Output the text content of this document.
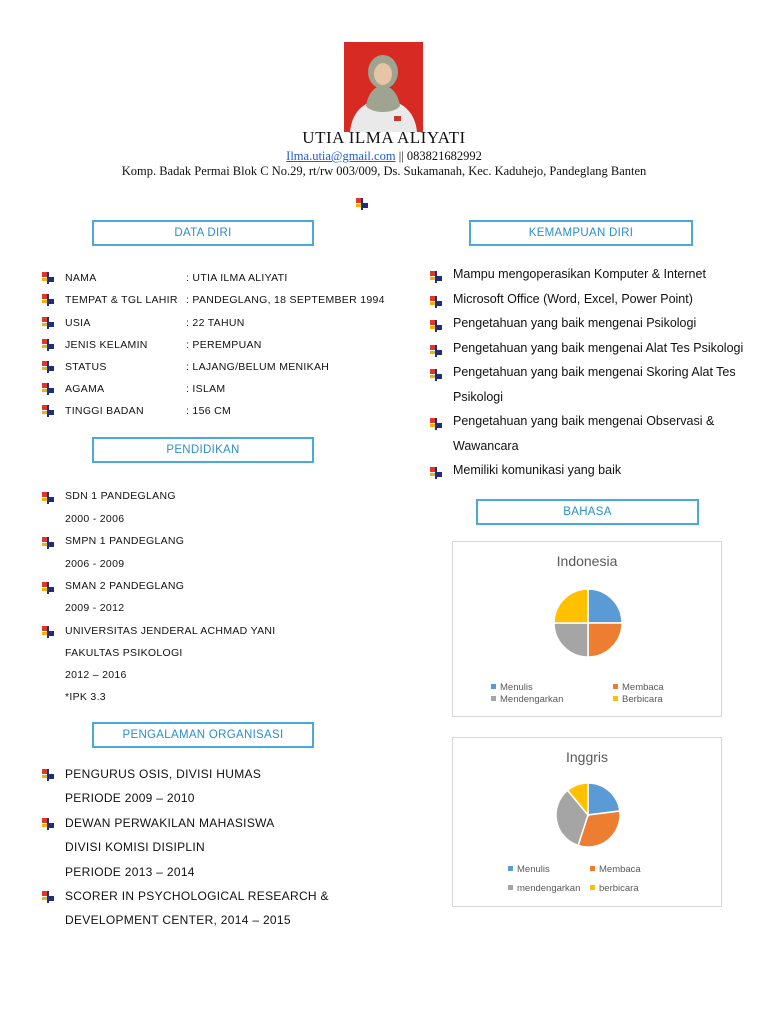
UTIA ILMA ALIYATI
Ilma.utia@gmail.com || 083821682992
Komp. Badak Permai Blok C No.29, rt/rw 003/009, Ds. Sukamanah, Kec. Kaduhejo, Pandeglang Banten
DATA DIRI	KEMAMPUAN DIRI
PENDIDIKAN
BAHASA
PENGALAMAN ORGANISASI
NAMA	: UTIA ILMA ALIYATI
TEMPAT & TGL LAHIR : PANDEGLANG, 18 SEPTEMBER 1994
USIA	: 22 TAHUN
JENIS KELAMIN	: PEREMPUAN
STATUS	: LAJANG/BELUM MENIKAH
AGAMA	: ISLAM
TINGGI BADAN	: 156 CM
SDN 1 PANDEGLANG
2000 - 2006
SMPN 1 PANDEGLANG
2006 - 2009
SMAN 2 PANDEGLANG
2009 - 2012
UNIVERSITAS JENDERAL ACHMAD YANI
FAKULTAS PSIKOLOGI
2012 – 2016
*IPK 3.3
PENGURUS OSIS, DIVISI HUMAS
PERIODE 2009 – 2010
DEWAN PERWAKILAN MAHASISWA
DIVISI KOMISI DISIPLIN
PERIODE 2013 – 2014
SCORER IN PSYCHOLOGICAL RESEARCH &
DEVELOPMENT CENTER, 2014 – 2015
Mampu mengoperasikan Komputer & Internet
Microsoft Office (Word, Excel, Power Point)
Pengetahuan yang baik mengenai Psikologi
Pengetahuan yang baik mengenai Alat Tes Psikologi
Pengetahuan yang baik mengenai Skoring Alat Tes
Psikologi
Pengetahuan yang baik mengenai Observasi &
Wawancara
Memiliki komunikasi yang baik
Indonesia
Menulis	Membaca
Mendengarkan	Berbicara
Inggris
Menulis	Membaca
mendengarkan	berbicara
